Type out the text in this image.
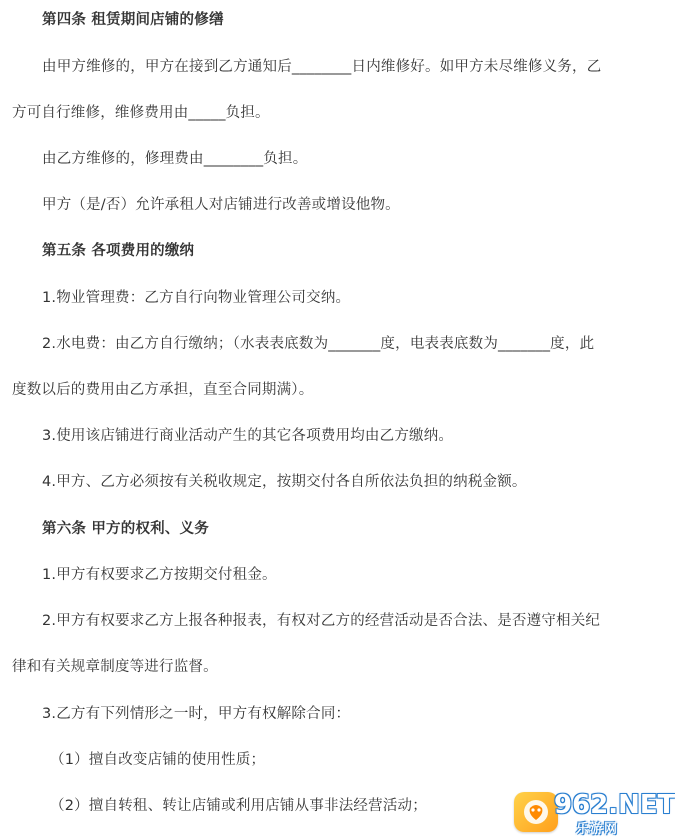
第四条 租赁期间店铺的修缮
由甲方维修的，甲方在接到乙方通知后________日内维修好。如甲方未尽维修义务，乙
方可自行维修，维修费用由_____负担。
由乙方维修的，修理费由________负担。
甲方（是/否）允许承租人对店铺进行改善或增设他物。
第五条 各项费用的缴纳
1.物业管理费：乙方自行向物业管理公司交纳。
2.水电费：由乙方自行缴纳；（水表表底数为_______度，电表表底数为_______度，此
度数以后的费用由乙方承担，直至合同期满）。
3.使用该店铺进行商业活动产生的其它各项费用均由乙方缴纳。
4.甲方、乙方必须按有关税收规定，按期交付各自所依法负担的纳税金额。
第六条 甲方的权利、义务
1.甲方有权要求乙方按期交付租金。
2.甲方有权要求乙方上报各种报表，有权对乙方的经营活动是否合法、是否遵守相关纪
律和有关规章制度等进行监督。
3.乙方有下列情形之一时，甲方有权解除合同：
（1）擅自改变店铺的使用性质；
（2）擅自转租、转让店铺或利用店铺从事非法经营活动；	962.NET
乐游网
